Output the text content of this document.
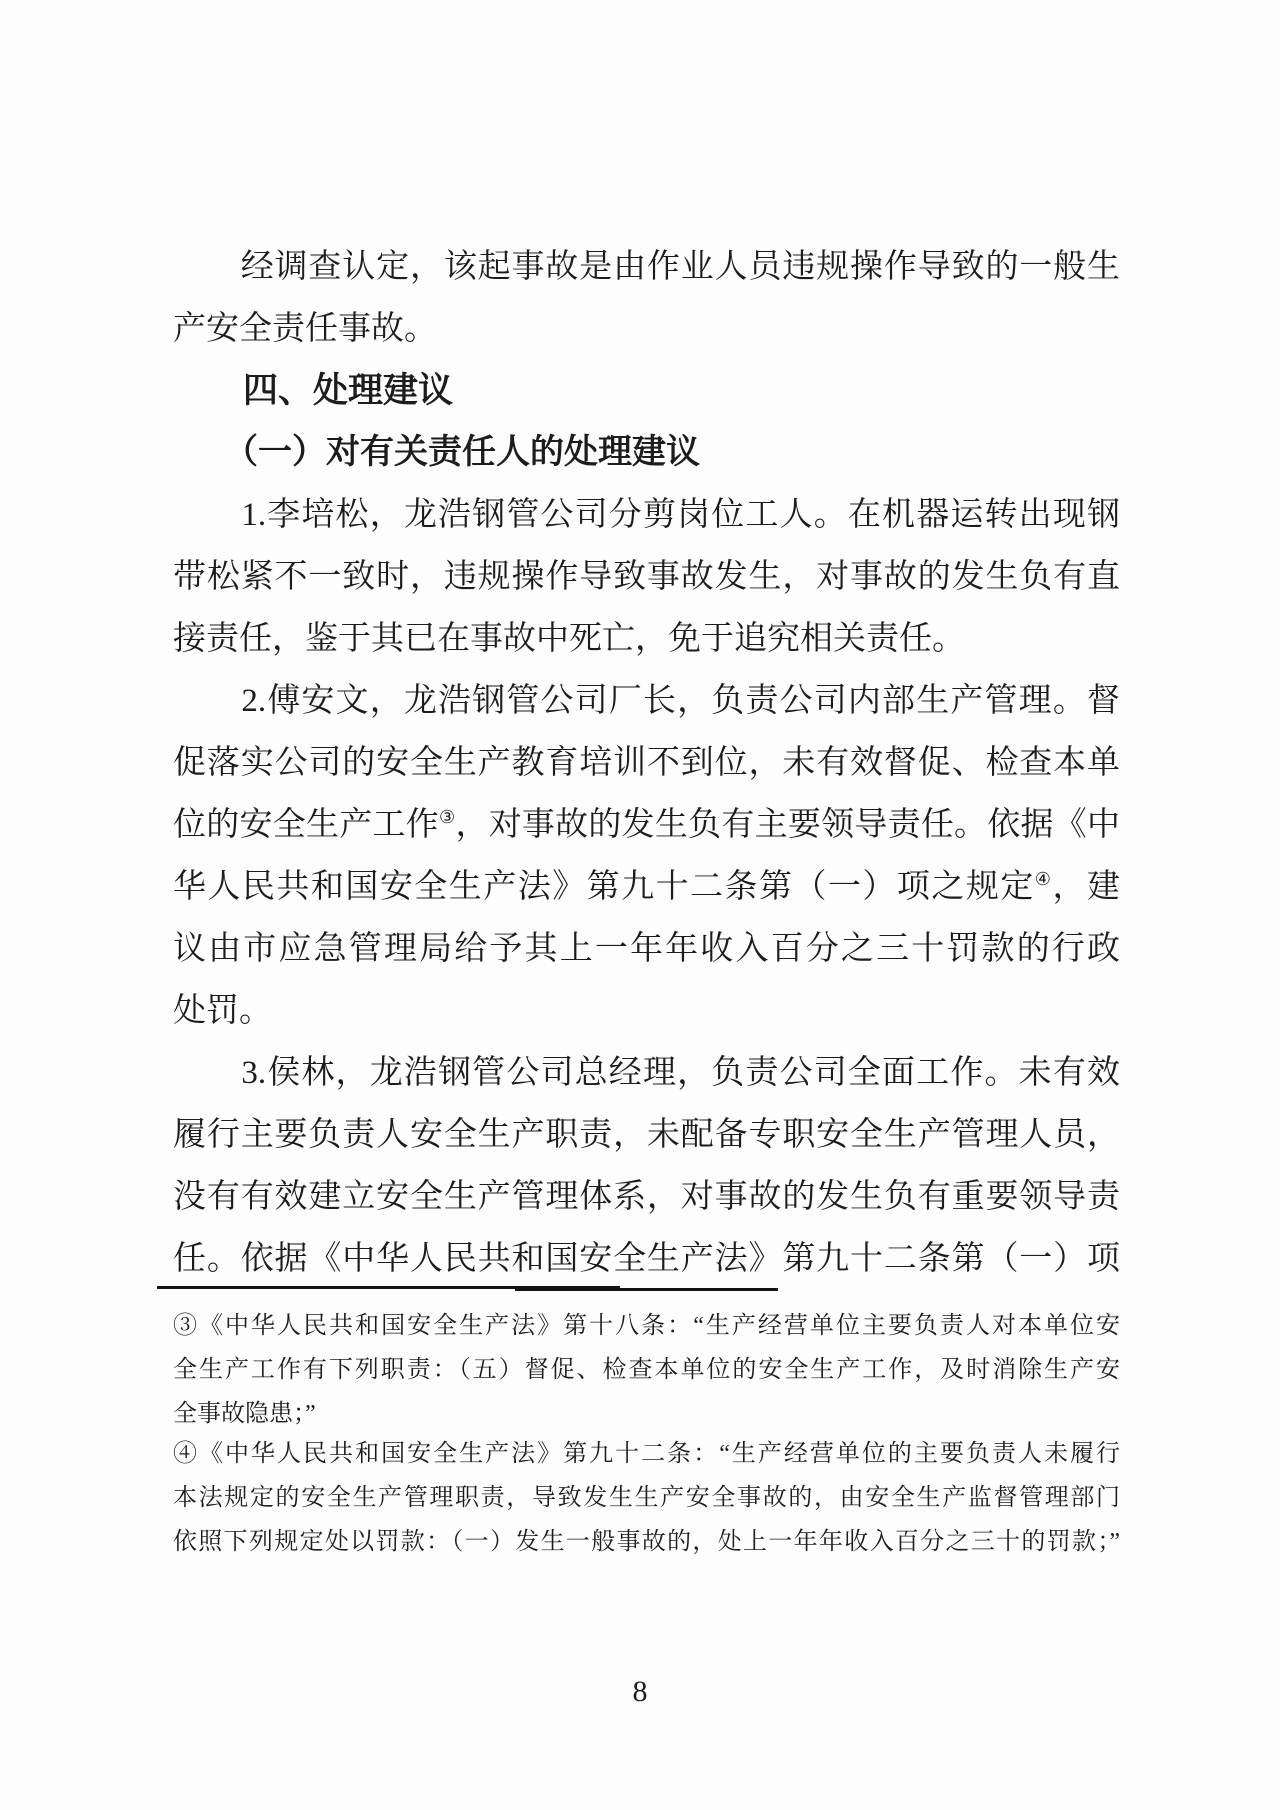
　　经调查认定，该起事故是由作业人员违规操作导致的一般生
产安全责任事故。
　　四、处理建议
　　（一）对有关责任人的处理建议
　　1.李培松，龙浩钢管公司分剪岗位工人。在机器运转出现钢
带松紧不一致时，违规操作导致事故发生，对事故的发生负有直
接责任，鉴于其已在事故中死亡，免于追究相关责任。
　　2.傅安文，龙浩钢管公司厂长，负责公司内部生产管理。督
促落实公司的安全生产教育培训不到位，未有效督促、检查本单
位的安全生产工作③，对事故的发生负有主要领导责任。依据《中
华人民共和国安全生产法》第九十二条第（一）项之规定④，建
议由市应急管理局给予其上一年年收入百分之三十罚款的行政
处罚。
　　3.侯林，龙浩钢管公司总经理，负责公司全面工作。未有效
履行主要负责人安全生产职责，未配备专职安全生产管理人员，
没有有效建立安全生产管理体系，对事故的发生负有重要领导责
任。依据《中华人民共和国安全生产法》第九十二条第（一）项
③《中华人民共和国安全生产法》第十八条：“生产经营单位主要负责人对本单位安
全生产工作有下列职责：（五）督促、检查本单位的安全生产工作，及时消除生产安
全事故隐患；”
④《中华人民共和国安全生产法》第九十二条：“生产经营单位的主要负责人未履行
本法规定的安全生产管理职责，导致发生生产安全事故的，由安全生产监督管理部门
依照下列规定处以罚款：（一）发生一般事故的，处上一年年收入百分之三十的罚款；”
8
